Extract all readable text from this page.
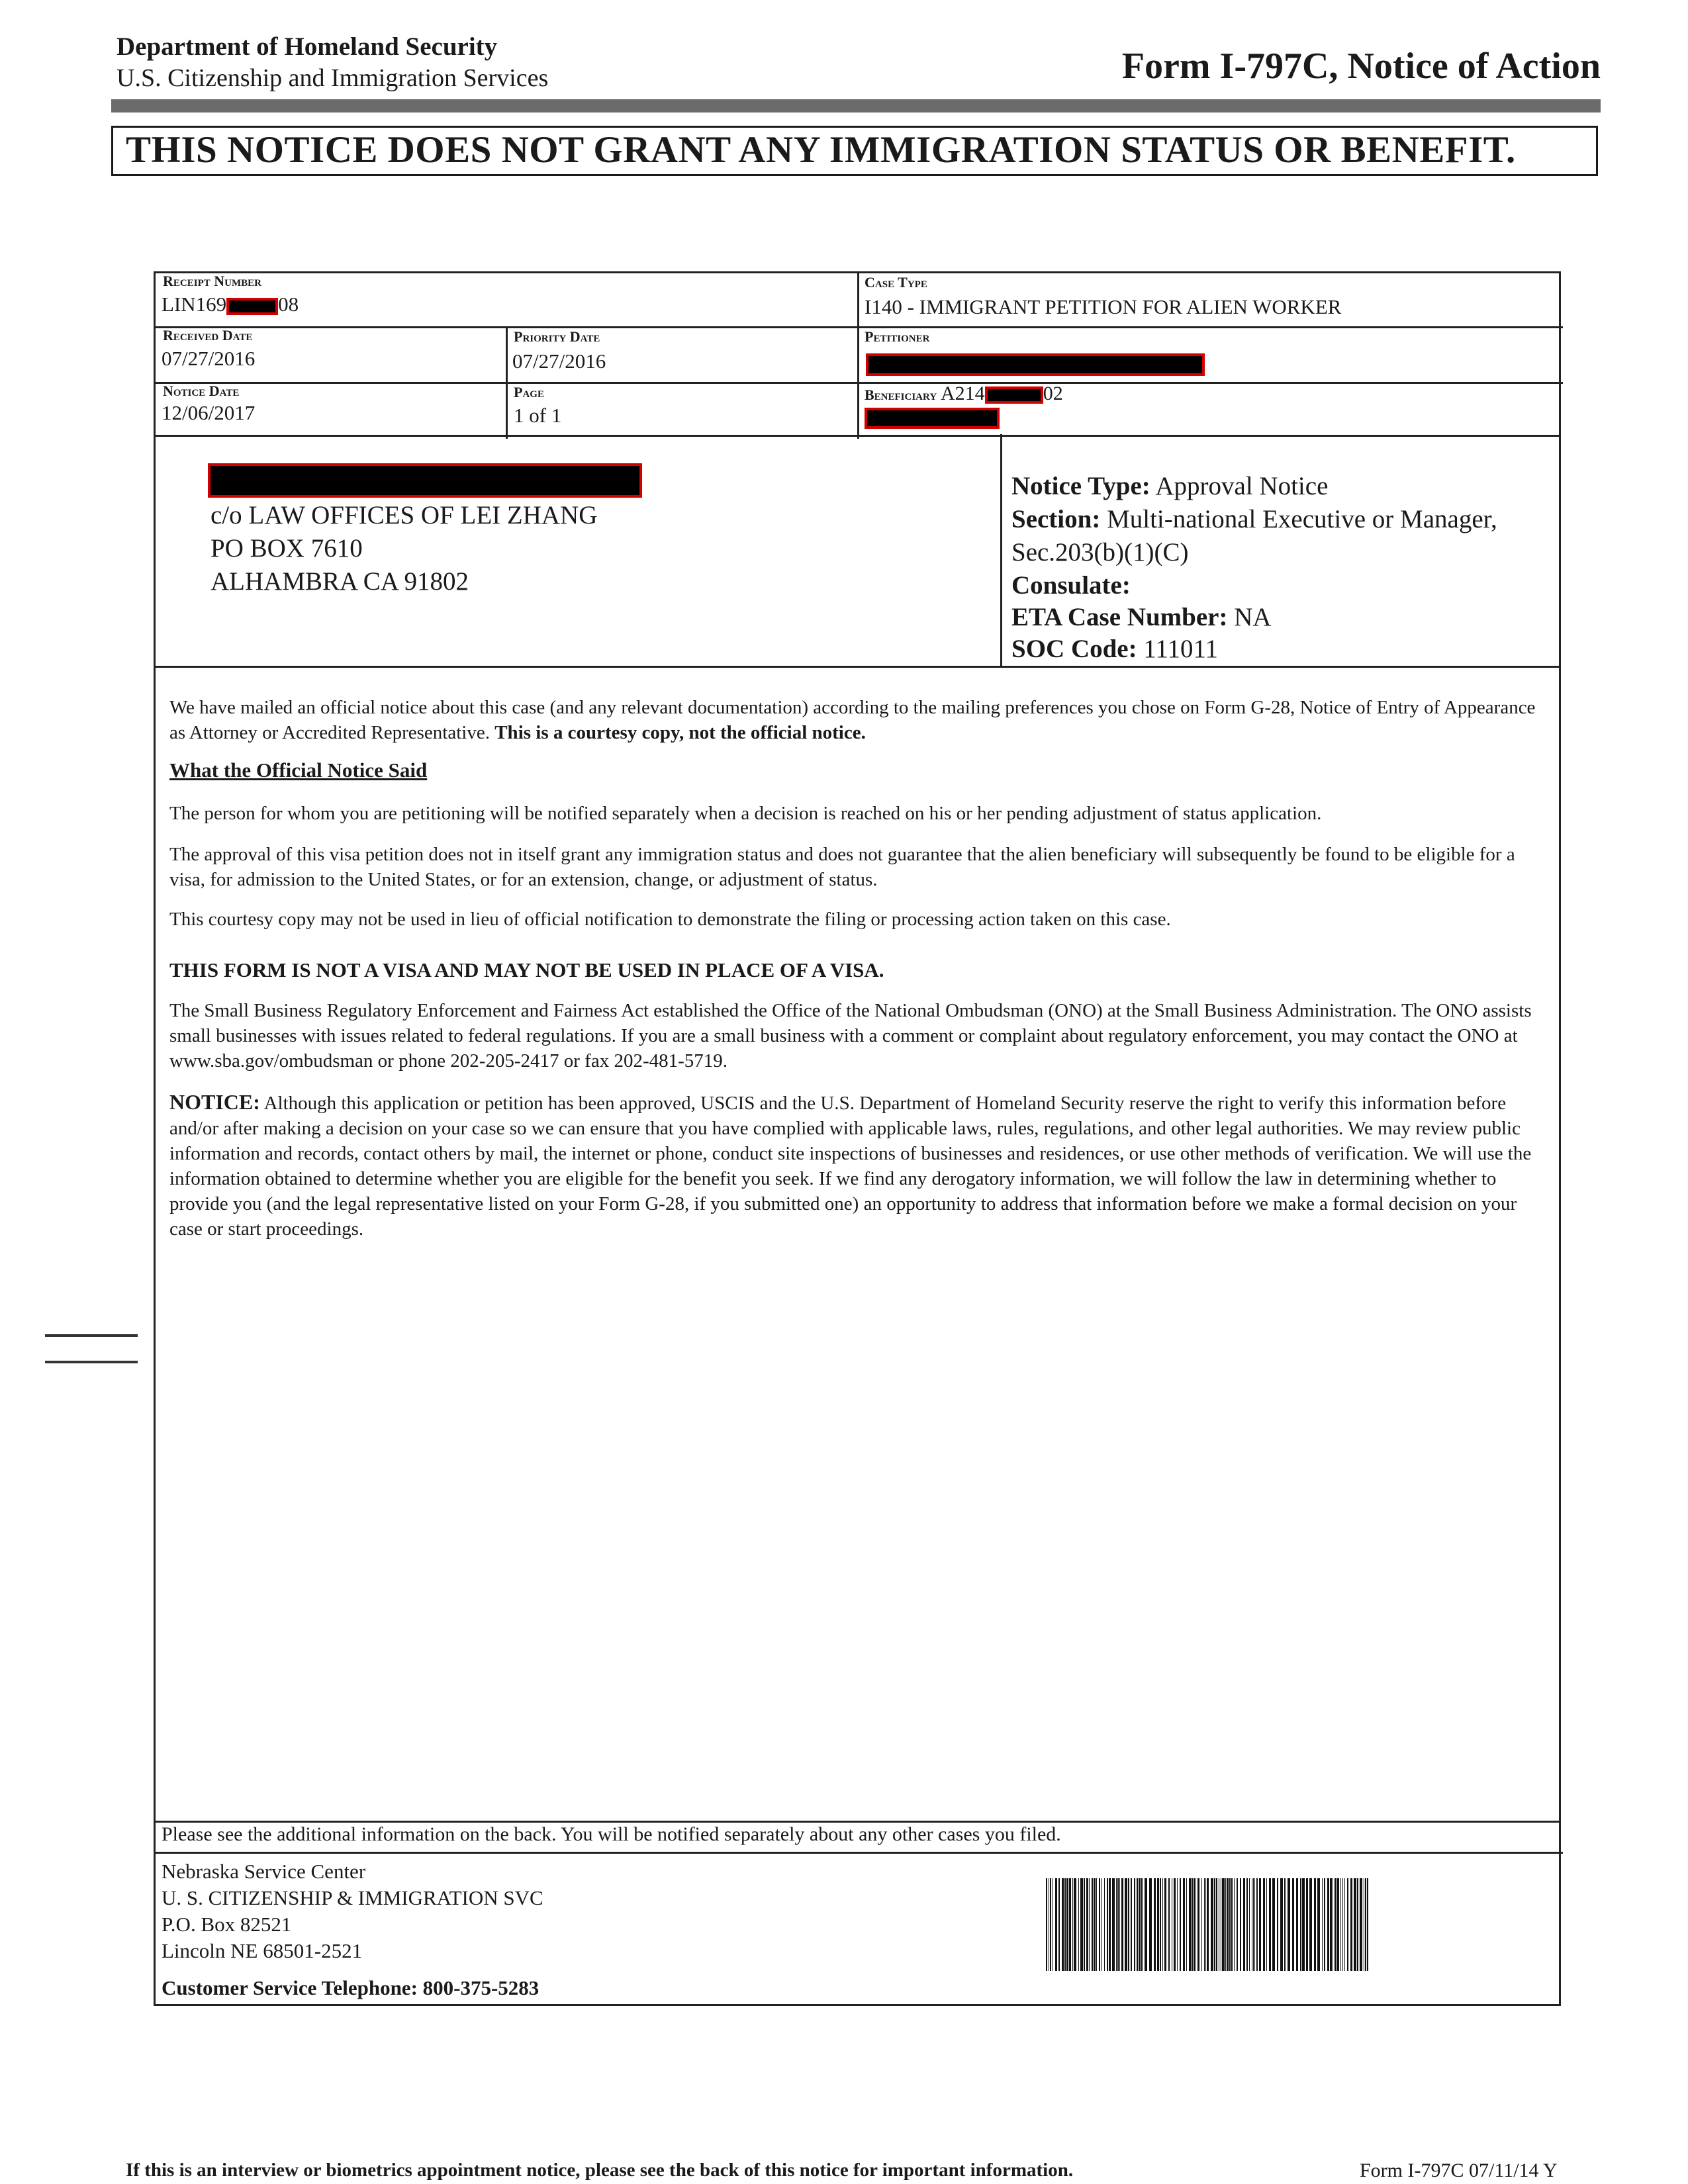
Department of Homeland Security
U.S. Citizenship and Immigration Services	Form I-797C, Notice of Action
THIS NOTICE DOES NOT GRANT ANY IMMIGRATION STATUS OR BENEFIT.
Receipt Number
LIN169	08
Case Type
I140 - IMMIGRANT PETITION FOR ALIEN WORKER
Received Date
07/27/2016
Priority Date
07/27/2016
Petitioner
Notice Date
12/06/2017
Page
1 of 1
Beneficiary A214	02
c/o LAW OFFICES OF LEI ZHANG
PO BOX 7610
ALHAMBRA CA 91802
Notice Type: Approval Notice
Section: Multi-national Executive or Manager,
Sec.203(b)(1)(C)
Consulate:
ETA Case Number: NA
SOC Code: 111011
We have mailed an official notice about this case (and any relevant documentation) according to the mailing preferences you chose on Form G-28, Notice of Entry of Appearance as Attorney or Accredited Representative. This is a courtesy copy, not the official notice.
What the Official Notice Said
The person for whom you are petitioning will be notified separately when a decision is reached on his or her pending adjustment of status application.
The approval of this visa petition does not in itself grant any immigration status and does not guarantee that the alien beneficiary will subsequently be found to be eligible for a visa, for admission to the United States, or for an extension, change, or adjustment of status.
This courtesy copy may not be used in lieu of official notification to demonstrate the filing or processing action taken on this case.
THIS FORM IS NOT A VISA AND MAY NOT BE USED IN PLACE OF A VISA.
The Small Business Regulatory Enforcement and Fairness Act established the Office of the National Ombudsman (ONO) at the Small Business Administration. The ONO assists small businesses with issues related to federal regulations. If you are a small business with a comment or complaint about regulatory enforcement, you may contact the ONO at www.sba.gov/ombudsman or phone 202-205-2417 or fax 202-481-5719.
NOTICE: Although this application or petition has been approved, USCIS and the U.S. Department of Homeland Security reserve the right to verify this information before and/or after making a decision on your case so we can ensure that you have complied with applicable laws, rules, regulations, and other legal authorities. We may review public information and records, contact others by mail, the internet or phone, conduct site inspections of businesses and residences, or use other methods of verification. We will use the information obtained to determine whether you are eligible for the benefit you seek. If we find any derogatory information, we will follow the law in determining whether to provide you (and the legal representative listed on your Form G-28, if you submitted one) an opportunity to address that information before we make a formal decision on your case or start proceedings.
Please see the additional information on the back. You will be notified separately about any other cases you filed.
Nebraska Service Center
U. S. CITIZENSHIP & IMMIGRATION SVC
P.O. Box 82521
Lincoln NE 68501-2521
Customer Service Telephone: 800-375-5283
If this is an interview or biometrics appointment notice, please see the back of this notice for important information.	Form I-797C 07/11/14 Y
